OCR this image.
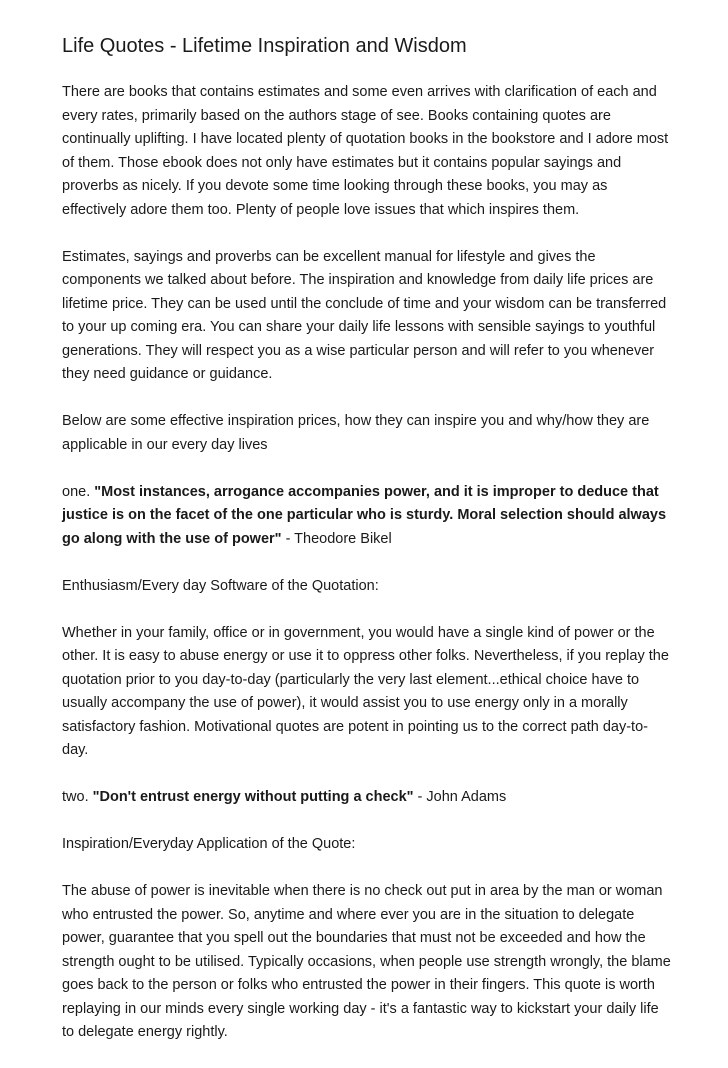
Life Quotes - Lifetime Inspiration and Wisdom

There are books that contains estimates and some even arrives with clarification of each and every rates, primarily based on the authors stage of see. Books containing quotes are continually uplifting. I have located plenty of quotation books in the bookstore and I adore most of them. Those ebook does not only have estimates but it contains popular sayings and proverbs as nicely. If you devote some time looking through these books, you may as effectively adore them too. Plenty of people love issues that which inspires them.

Estimates, sayings and proverbs can be excellent manual for lifestyle and gives the components we talked about before. The inspiration and knowledge from daily life prices are lifetime price. They can be used until the conclude of time and your wisdom can be transferred to your up coming era. You can share your daily life lessons with sensible sayings to youthful generations. They will respect you as a wise particular person and will refer to you whenever they need guidance or guidance.

Below are some effective inspiration prices, how they can inspire you and why/how they are applicable in our every day lives

one. "Most instances, arrogance accompanies power, and it is improper to deduce that justice is on the facet of the one particular who is sturdy. Moral selection should always go along with the use of power" - Theodore Bikel

Enthusiasm/Every day Software of the Quotation:

Whether in your family, office or in government, you would have a single kind of power or the other. It is easy to abuse energy or use it to oppress other folks. Nevertheless, if you replay the quotation prior to you day-to-day (particularly the very last element...ethical choice have to usually accompany the use of power), it would assist you to use energy only in a morally satisfactory fashion. Motivational quotes are potent in pointing us to the correct path day-to-day.

two. "Don't entrust energy without putting a check" - John Adams

Inspiration/Everyday Application of the Quote:

The abuse of power is inevitable when there is no check out put in area by the man or woman who entrusted the power. So, anytime and where ever you are in the situation to delegate power, guarantee that you spell out the boundaries that must not be exceeded and how the strength ought to be utilised. Typically occasions, when people use strength wrongly, the blame goes back to the person or folks who entrusted the power in their fingers. This quote is worth replaying in our minds every single working day - it's a fantastic way to kickstart your daily life to delegate energy rightly.
